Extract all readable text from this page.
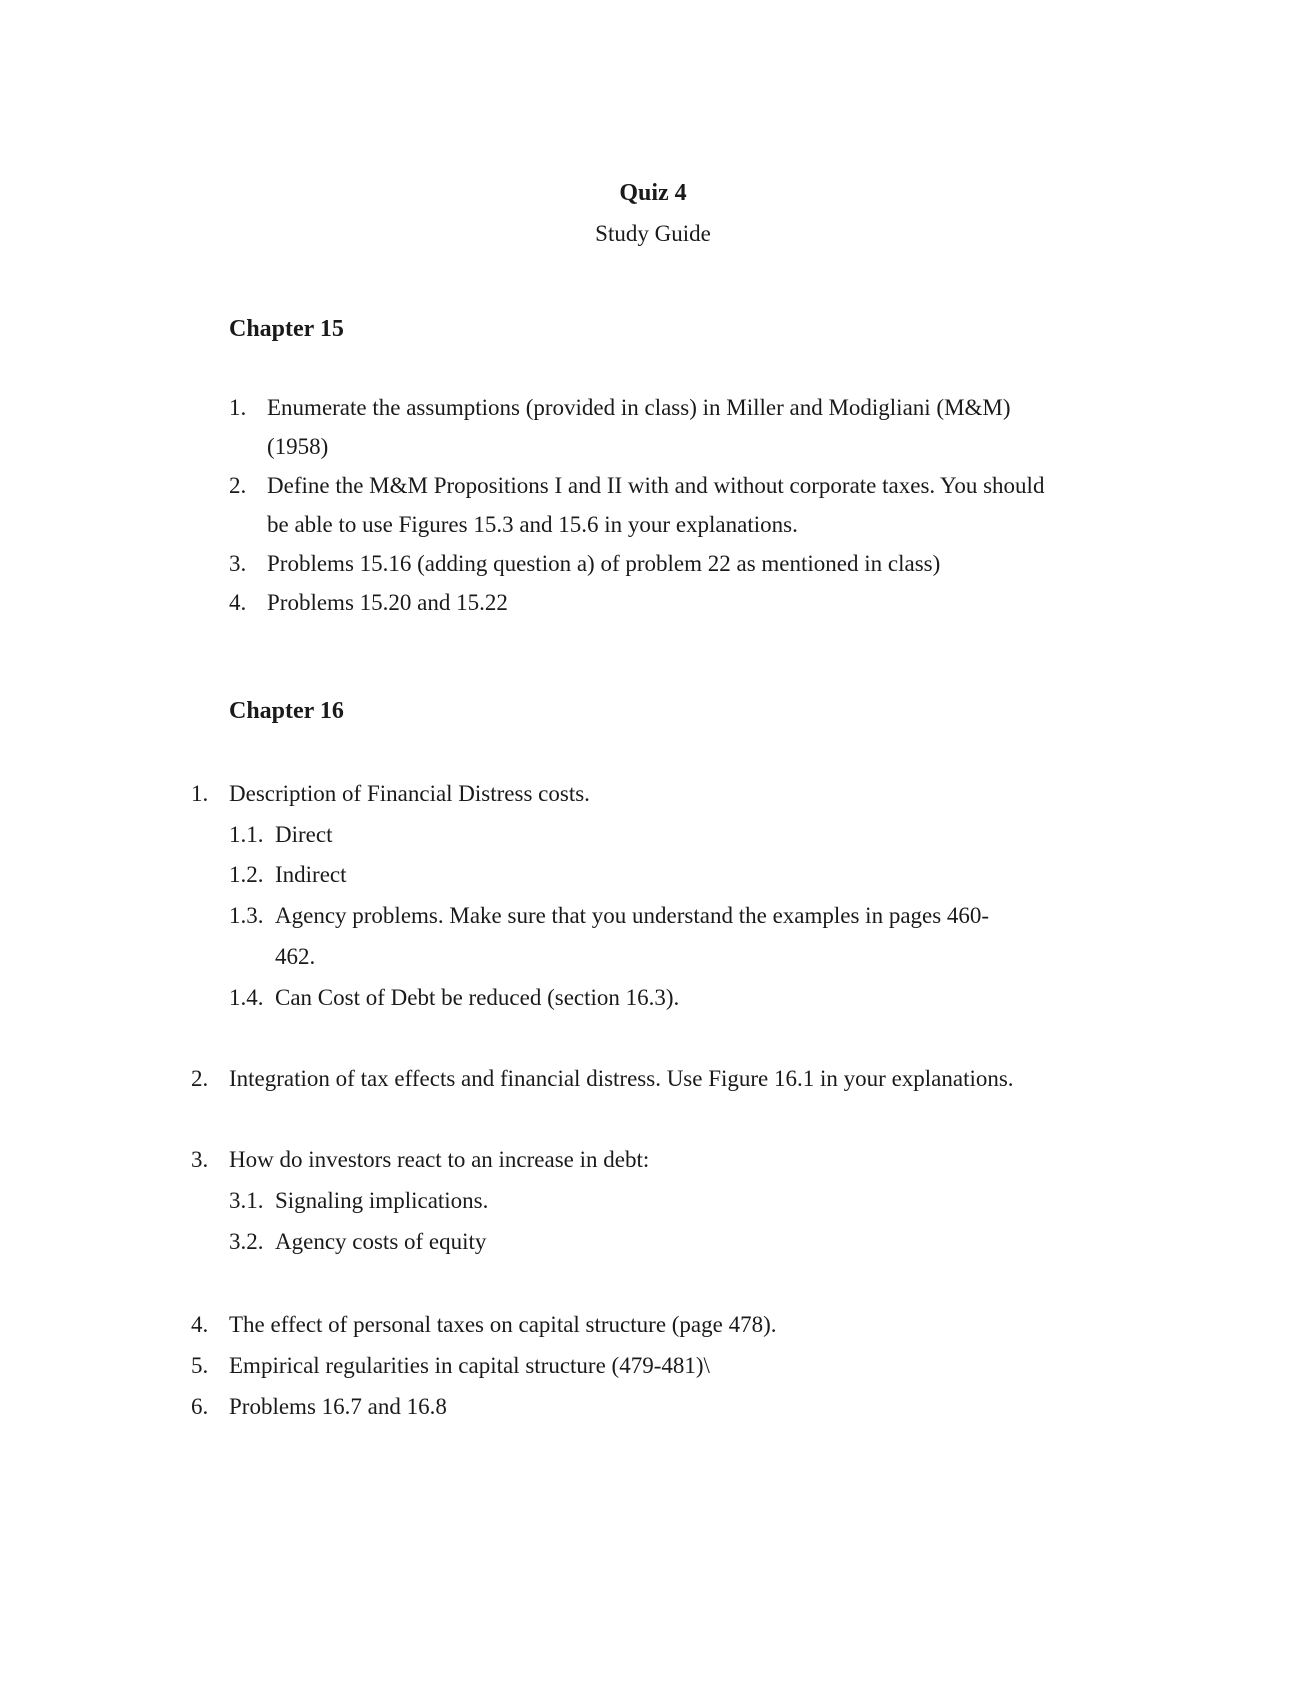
Quiz 4
Study Guide
Chapter 15
1. Enumerate the assumptions (provided in class) in Miller and Modigliani (M&M)
(1958)
2. Define the M&M Propositions I and II with and without corporate taxes. You should
be able to use Figures 15.3 and 15.6 in your explanations.
3. Problems 15.16 (adding question a) of problem 22 as mentioned in class)
4. Problems 15.20 and 15.22
Chapter 16
1. Description of Financial Distress costs.
1.1. Direct
1.2. Indirect
1.3. Agency problems. Make sure that you understand the examples in pages 460-
462.
1.4. Can Cost of Debt be reduced (section 16.3).
2. Integration of tax effects and financial distress. Use Figure 16.1 in your explanations.
3. How do investors react to an increase in debt:
3.1. Signaling implications.
3.2. Agency costs of equity
4. The effect of personal taxes on capital structure (page 478).
5. Empirical regularities in capital structure (479-481)\
6. Problems 16.7 and 16.8
